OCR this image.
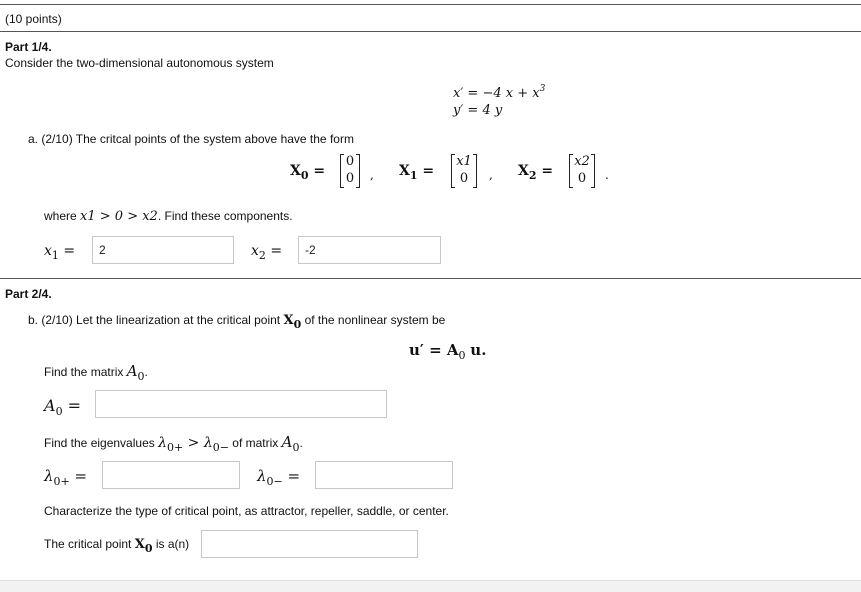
(10 points)
Part 1/4.
Consider the two-dimensional autonomous system
x′ = −4 $x + x^3$
y′ = 4 y
a. (2/10) The critcal points of the system above have the form
$X_0$ =
0
0	, $X_1$ =
x1
0	, $X_2$ =
x2
0	.
where x1 > 0 > x2. Find these components.
$x_1$ =	2	$x_2$ =	-2
Part 2/4.
b. (2/10) Let the linearization at the critical point $X_0$ of the nonlinear system be
$u' = A_0$ u.
Find the matrix $A_0$.
$A_0$ =
Find the eigenvalues $\lambda_{0+} > \lambda_{0-}$ of matrix $A_0$.
$\lambda_{0+}$ =	$\lambda_{0-}$ =
Characterize the type of critical point, as attractor, repeller, saddle, or center.
The critical point $X_0$ is a(n)
